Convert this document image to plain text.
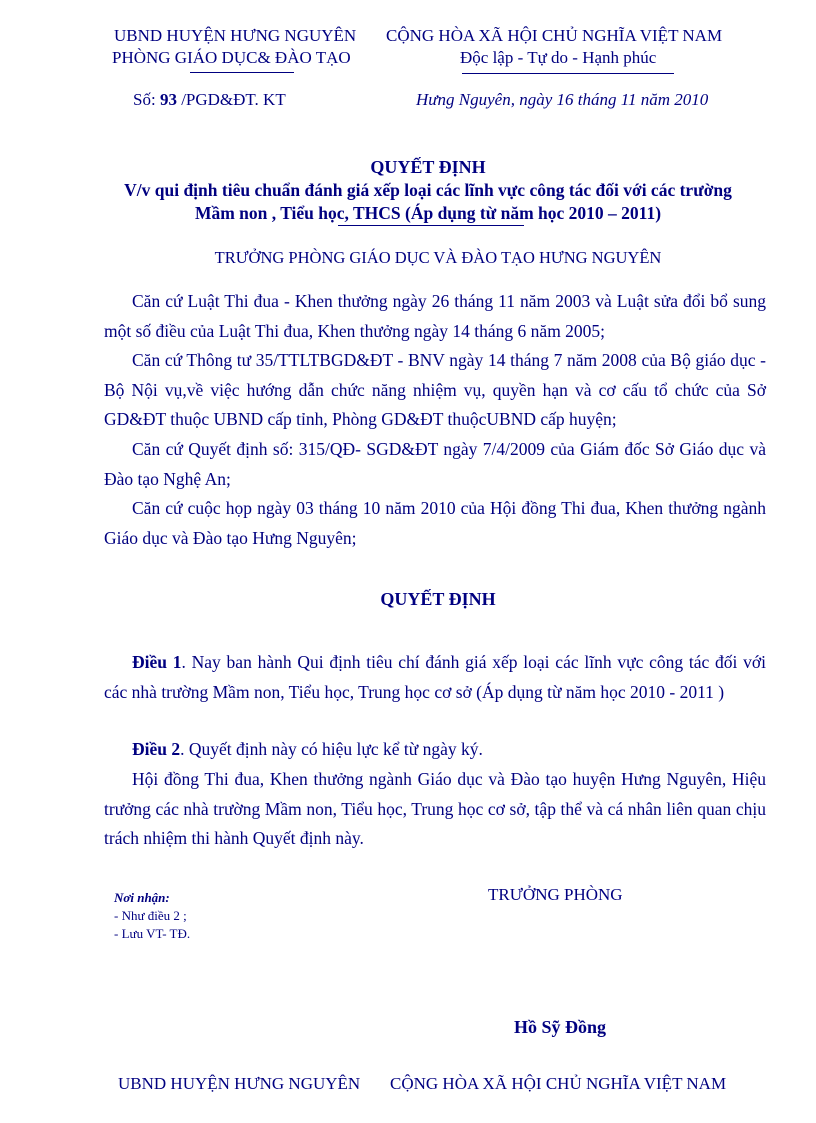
UBND HUYỆN HƯNG NGUYÊN
PHÒNG GIÁO DỤC& ĐÀO TẠO
CỘNG HÒA XÃ HỘI CHỦ NGHĨA VIỆT NAM
Độc lập - Tự do - Hạnh phúc
Số: 93 /PGD&ĐT. KT	Hưng Nguyên, ngày 16 tháng 11 năm 2010
QUYẾT ĐỊNH
V/v qui định tiêu chuẩn đánh giá xếp loại các lĩnh vực công tác đối với các trường
Mầm non , Tiểu học, THCS (Áp dụng từ năm học 2010 – 2011)
TRƯỞNG PHÒNG GIÁO DỤC VÀ ĐÀO TẠO HƯNG NGUYÊN
Căn cứ Luật Thi đua - Khen thưởng ngày 26 tháng 11 năm 2003 và Luật sửa đổi bổ sung một số điều của Luật Thi đua, Khen thưởng ngày 14 tháng 6 năm 2005;
Căn cứ Thông tư 35/TTLTBGD&ĐT - BNV ngày 14 tháng 7 năm 2008 của Bộ giáo dục - Bộ Nội vụ,về việc hướng dẫn chức năng nhiệm vụ, quyền hạn và cơ cấu tổ chức của Sở GD&ĐT thuộc UBND cấp tỉnh, Phòng GD&ĐT thuộcUBND cấp huyện;
Căn cứ Quyết định số: 315/QĐ- SGD&ĐT ngày 7/4/2009 của Giám đốc Sở Giáo dục và Đào tạo Nghệ An;
Căn cứ cuộc họp ngày 03 tháng 10 năm 2010 của Hội đồng Thi đua, Khen thưởng ngành Giáo dục và Đào tạo Hưng Nguyên;
QUYẾT ĐỊNH
Điều 1. Nay ban hành Qui định tiêu chí đánh giá xếp loại các lĩnh vực công tác đối với các nhà trường Mầm non, Tiểu học, Trung học cơ sở (Áp dụng từ năm học 2010 - 2011 )
Điều 2. Quyết định này có hiệu lực kể từ ngày ký.
Hội đồng Thi đua, Khen thưởng ngành Giáo dục và Đào tạo huyện Hưng Nguyên, Hiệu trưởng các nhà trường Mầm non, Tiểu học, Trung học cơ sở, tập thể và cá nhân liên quan chịu trách nhiệm thi hành Quyết định này.
Nơi nhận:
- Như điều 2 ;
- Lưu VT- TĐ.
TRƯỞNG PHÒNG
Hồ Sỹ Đồng
UBND HUYỆN HƯNG NGUYÊN CỘNG HÒA XÃ HỘI CHỦ NGHĨA VIỆT NAM
